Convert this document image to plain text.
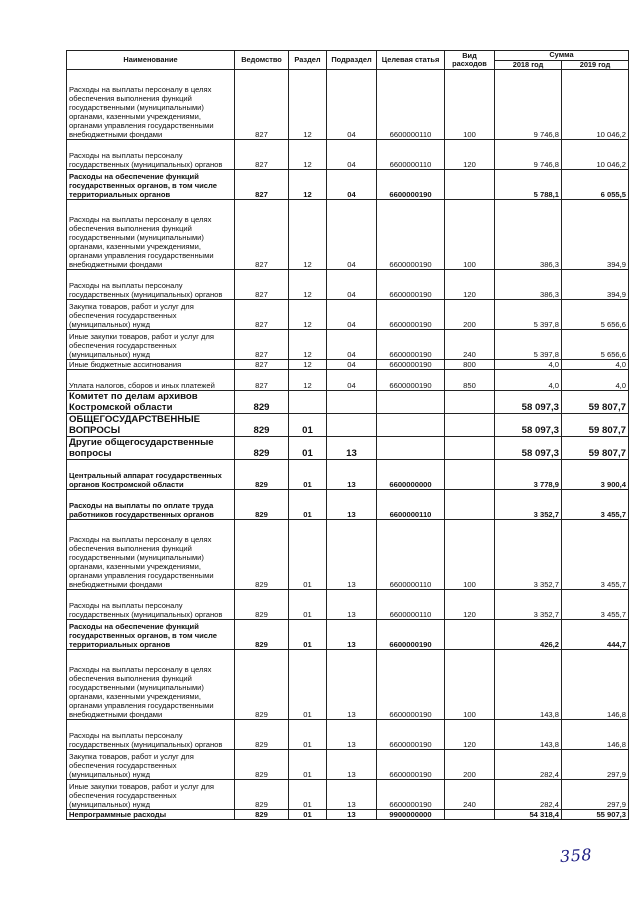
Наименование	Ведомство	Раздел	Подраздел	Целевая статья	Вид расходов	Сумма	
						2018 год	2019 год
Расходы на выплаты персоналу в целях обеспечения выполнения функций государственными (муниципальными) органами, казенными учреждениями, органами управления государственными внебюджетными фондами	827	12	04	6600000110	100	9 746,8	10 046,2
Расходы на выплаты персоналу государственных (муниципальных) органов	827	12	04	6600000110	120	9 746,8	10 046,2
Расходы на обеспечение функций государственных органов, в том числе территориальных органов	827	12	04	6600000190		5 788,1	6 055,5
Расходы на выплаты персоналу в целях обеспечения выполнения функций государственными (муниципальными) органами, казенными учреждениями, органами управления государственными внебюджетными фондами	827	12	04	6600000190	100	386,3	394,9
Расходы на выплаты персоналу государственных (муниципальных) органов	827	12	04	6600000190	120	386,3	394,9
Закупка товаров, работ и услуг для обеспечения государственных (муниципальных) нужд	827	12	04	6600000190	200	5 397,8	5 656,6
Иные закупки товаров, работ и услуг для обеспечения государственных (муниципальных) нужд	827	12	04	6600000190	240	5 397,8	5 656,6
Иные бюджетные ассигнования	827	12	04	6600000190	800	4,0	4,0
Уплата налогов, сборов и иных платежей	827	12	04	6600000190	850	4,0	4,0
Комитет по делам архивов Костромской области	829					58 097,3	59 807,7
ОБЩЕГОСУДАРСТВЕННЫЕ ВОПРОСЫ	829	01				58 097,3	59 807,7
Другие общегосударственные вопросы	829	01	13			58 097,3	59 807,7
Центральный аппарат государственных органов Костромской области	829	01	13	6600000000		3 778,9	3 900,4
Расходы на выплаты по оплате труда работников государственных органов	829	01	13	6600000110		3 352,7	3 455,7
Расходы на выплаты персоналу в целях обеспечения выполнения функций государственными (муниципальными) органами, казенными учреждениями, органами управления государственными внебюджетными фондами	829	01	13	6600000110	100	3 352,7	3 455,7
Расходы на выплаты персоналу государственных (муниципальных) органов	829	01	13	6600000110	120	3 352,7	3 455,7
Расходы на обеспечение функций государственных органов, в том числе территориальных органов	829	01	13	6600000190		426,2	444,7
Расходы на выплаты персоналу в целях обеспечения выполнения функций государственными (муниципальными) органами, казенными учреждениями, органами управления государственными внебюджетными фондами	829	01	13	6600000190	100	143,8	146,8
Расходы на выплаты персоналу государственных (муниципальных) органов	829	01	13	6600000190	120	143,8	146,8
Закупка товаров, работ и услуг для обеспечения государственных (муниципальных) нужд	829	01	13	6600000190	200	282,4	297,9
Иные закупки товаров, работ и услуг для обеспечения государственных (муниципальных) нужд	829	01	13	6600000190	240	282,4	297,9
Непрограммные расходы	829	01	13	9900000000		54 318,4	55 907,3
358
